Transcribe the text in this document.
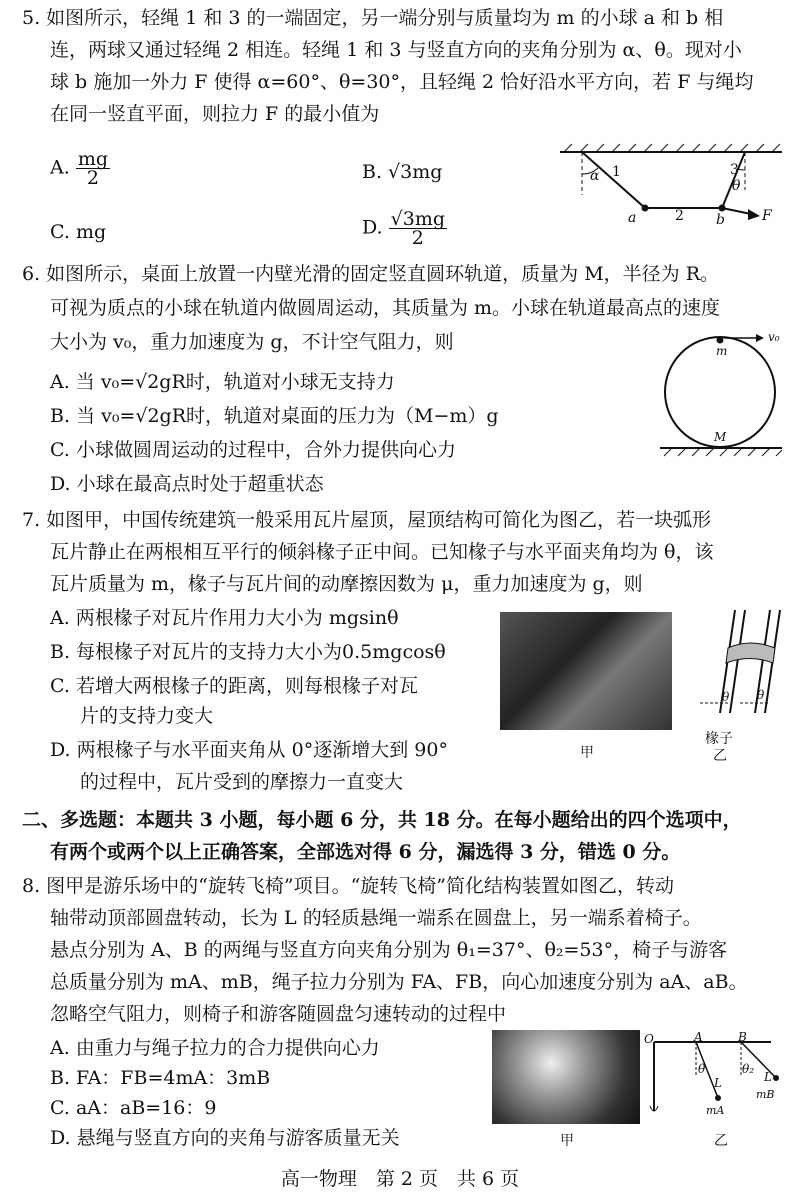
5. 如图所示，轻绳 1 和 3 的一端固定，另一端分别与质量均为 m 的小球 a 和 b 相
连，两球又通过轻绳 2 相连。轻绳 1 和 3 与竖直方向的夹角分别为 α、θ。现对小
球 b 施加一外力 F 使得 α=60°、θ=30°，且轻绳 2 恰好沿水平方向，若 F 与绳均
在同一竖直平面，则拉力 F 的最小值为
A. $\frac{mg}{2}$	B. √3mg
C. mg	D. $\frac{√3mg}{2}$
α 1	3
θ
a	2 b	F
6. 如图所示，桌面上放置一内壁光滑的固定竖直圆环轨道，质量为 M，半径为 R。
可视为质点的小球在轨道内做圆周运动，其质量为 m。小球在轨道最高点的速度
大小为 v₀，重力加速度为 g，不计空气阻力，则
A. 当 v₀=√2gR时，轨道对小球无支持力
B. 当 v₀=√2gR时，轨道对桌面的压力为（M−m）g
C. 小球做圆周运动的过程中，合外力提供向心力
D. 小球在最高点时处于超重状态
m
v₀
M
7. 如图甲，中国传统建筑一般采用瓦片屋顶，屋顶结构可简化为图乙，若一块弧形
瓦片静止在两根相互平行的倾斜椽子正中间。已知椽子与水平面夹角均为 θ，该
瓦片质量为 m，椽子与瓦片间的动摩擦因数为 μ，重力加速度为 g，则
A. 两根椽子对瓦片作用力大小为 mgsinθ
B. 每根椽子对瓦片的支持力大小为0.5mgcosθ
C. 若增大两根椽子的距离，则每根椽子对瓦
片的支持力变大
D. 两根椽子与水平面夹角从 0°逐渐增大到 90°
的过程中，瓦片受到的摩擦力一直变大
甲
θ θ
椽子
乙
二、多选题：本题共 3 小题，每小题 6 分，共 18 分。在每小题给出的四个选项中，
有两个或两个以上正确答案，全部选对得 6 分，漏选得 3 分，错选 0 分。
8. 图甲是游乐场中的“旋转飞椅”项目。“旋转飞椅”简化结构装置如图乙，转动
轴带动顶部圆盘转动，长为 L 的轻质悬绳一端系在圆盘上，另一端系着椅子。
悬点分别为 A、B 的两绳与竖直方向夹角分别为 θ₁=37°、θ₂=53°，椅子与游客
总质量分别为 mA、mB，绳子拉力分别为 FA、FB，向心加速度分别为 aA、aB。
忽略空气阻力，则椅子和游客随圆盘匀速转动的过程中
A. 由重力与绳子拉力的合力提供向心力
B. FA：FB=4mA：3mB
C. aA：aB=16：9
D. 悬绳与竖直方向的夹角与游客质量无关	甲
O	A	B
θ	θ₂
L	L
mA
mB
乙
高一物理　第 2 页　共 6 页
